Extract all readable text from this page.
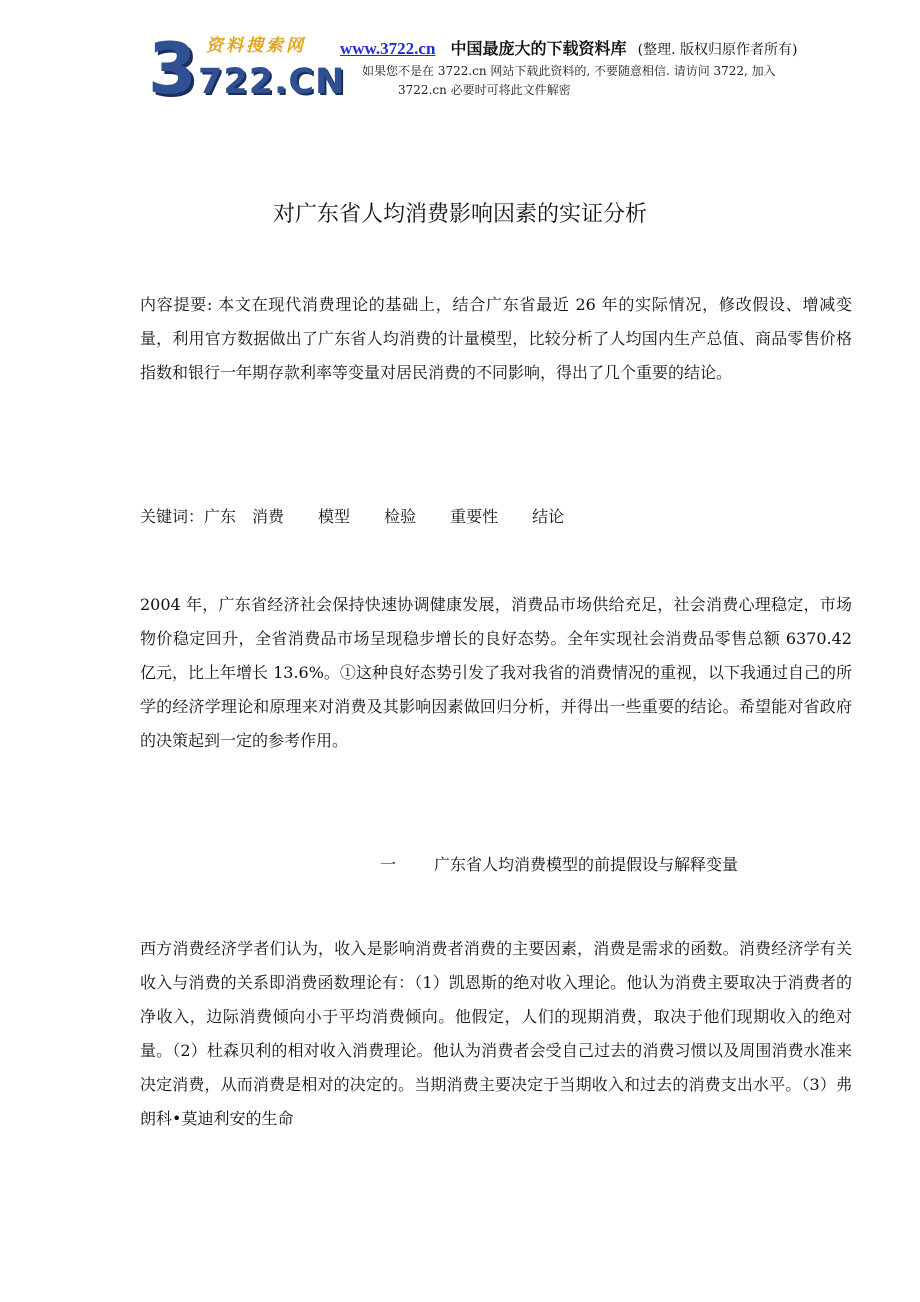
3 资料搜索网
722.CN
www.3722.cn 中国最庞大的下载资料库 (整理. 版权归原作者所有)
如果您不是在 3722.cn 网站下载此资料的, 不要随意相信. 请访问 3722, 加入
3722.cn 必要时可将此文件解密
对广东省人均消费影响因素的实证分析

内容提要: 本文在现代消费理论的基础上，结合广东省最近 26 年的实际情况，修改假设、增减变量，利用官方数据做出了广东省人均消费的计量模型，比较分析了人均国内生产总值、商品零售价格指数和银行一年期存款利率等变量对居民消费的不同影响，得出了几个重要的结论。

关键词：广东 消费 模型 检验 重要性 结论

2004 年，广东省经济社会保持快速协调健康发展，消费品市场供给充足，社会消费心理稳定，市场物价稳定回升，全省消费品市场呈现稳步增长的良好态势。全年实现社会消费品零售总额 6370.42 亿元，比上年增长 13.6%。①这种良好态势引发了我对我省的消费情况的重视，以下我通过自己的所学的经济学理论和原理来对消费及其影响因素做回归分析，并得出一些重要的结论。希望能对省政府的决策起到一定的参考作用。

一 广东省人均消费模型的前提假设与解释变量

西方消费经济学者们认为，收入是影响消费者消费的主要因素，消费是需求的函数。消费经济学有关收入与消费的关系即消费函数理论有：（1）凯恩斯的绝对收入理论。他认为消费主要取决于消费者的净收入，边际消费倾向小于平均消费倾向。他假定，人们的现期消费，取决于他们现期收入的绝对量。（2）杜森贝利的相对收入消费理论。他认为消费者会受自己过去的消费习惯以及周围消费水准来决定消费，从而消费是相对的决定的。当期消费主要决定于当期收入和过去的消费支出水平。（3）弗朗科•莫迪利安的生命
